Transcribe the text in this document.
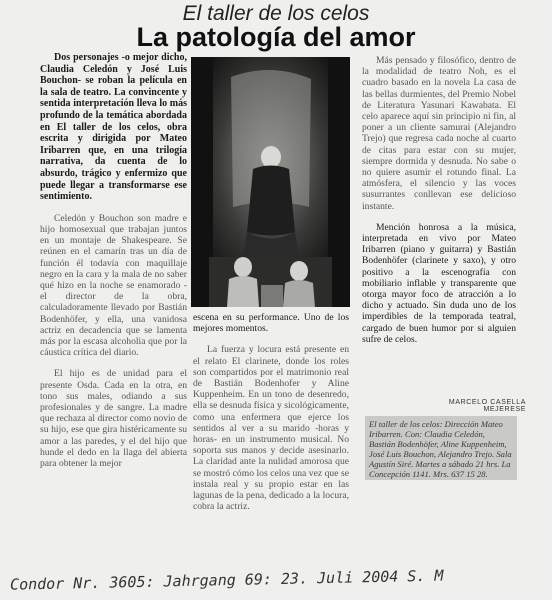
El taller de los celos
La patología del amor

Dos personajes -o mejor dicho, Claudia Celedón y José Luis Bouchon- se roban la película en la sala de teatro. La convincente y sentida interpretación lleva lo más profundo de la temática abordada en El taller de los celos, obra escrita y dirigida por Mateo Iribarren que, en una trilogía narrativa, da cuenta de lo absurdo, trágico y enfermizo que puede llegar a transformarse ese sentimiento.

Celedón y Bouchon son madre e hijo homosexual que trabajan juntos en un montaje de Shakespeare. Se reúnen en el camarín tras un día de función él todavía con maquillaje negro en la cara y la mala de no saber qué hizo en la noche se enamorado - el director de la obra, calculadoramente llevado por Bastián Bodenhöfer, y ella, una vanidosa actriz en decadencia que se lamenta más por la escasa alcoholia que por la cáustica crítica del diario.

El hijo es de unidad para el presente Osda. Cada en la otra, en tono sus males, odiando a sus profesionales y de sangre. La madre que rechaza al director como novio de su hijo, ese que gira histéricamente su amor a las paredes, y el del hijo que hunde el dedo en la llaga del abierta para obtener la mejor

escena en su performance. Uno de los mejores momentos.

La fuerza y locura está presente en el relato El clarinete, donde los roles son compartidos por el matrimonio real de Bastián Bodenhofer y Aline Kuppenheim. En un tono de desenredo, ella se desnuda física y sicológicamente, como una enfermera que ejerce los sentidos al ver a su marido -horas y horas- en un instrumento musical. No soporta sus manos y decide asesinarlo. La claridad ante la nulidad amorosa que se mostró cómo los celos una vez que se instala real y su propio estar en las lagunas de la pena, dedicado a la locura, cobra la actriz.

Más pensado y filosófico, dentro de la modalidad de teatro Noh, es el cuadro basado en la novela La casa de las bellas durmientes, del Premio Nobel de Literatura Yasunari Kawabata. El celo aparece aquí sin principio ni fin, al poner a un cliente samurai (Alejandro Trejo) que regresa cada noche al cuarto de citas para estar con su mujer, siempre dormida y desnuda. No sabe o no quiere asumir el rotundo final. La atmósfera, el silencio y las voces susurrantes conllevan ese delicioso instante.

Mención honrosa a la música, interpretada en vivo por Mateo Iribarren (piano y guitarra) y Bastián Bodenhöfer (clarinete y saxo), y otro positivo a la escenografía con mobiliario inflable y transparente que otorga mayor foco de atracción a lo dicho y actuado. Sin duda uno de los imperdibles de la temporada teatral, cargado de buen humor por si alguien sufre de celos.

MARCELO CASELLA MEJERESE
El taller de los celos: Dirección Mateo Iribarren. Con: Claudia Celedón, Bastián Bodenhöfer, Aline Kuppenheim, José Luis Bouchon, Alejandro Trejo. Sala Agustín Siré. Martes a sábado 21 hrs. La Concepción 1141. Mrs. 637 15 28.
Condor Nr. 3605: Jahrgang 69: 23. Juli 2004 S. M
